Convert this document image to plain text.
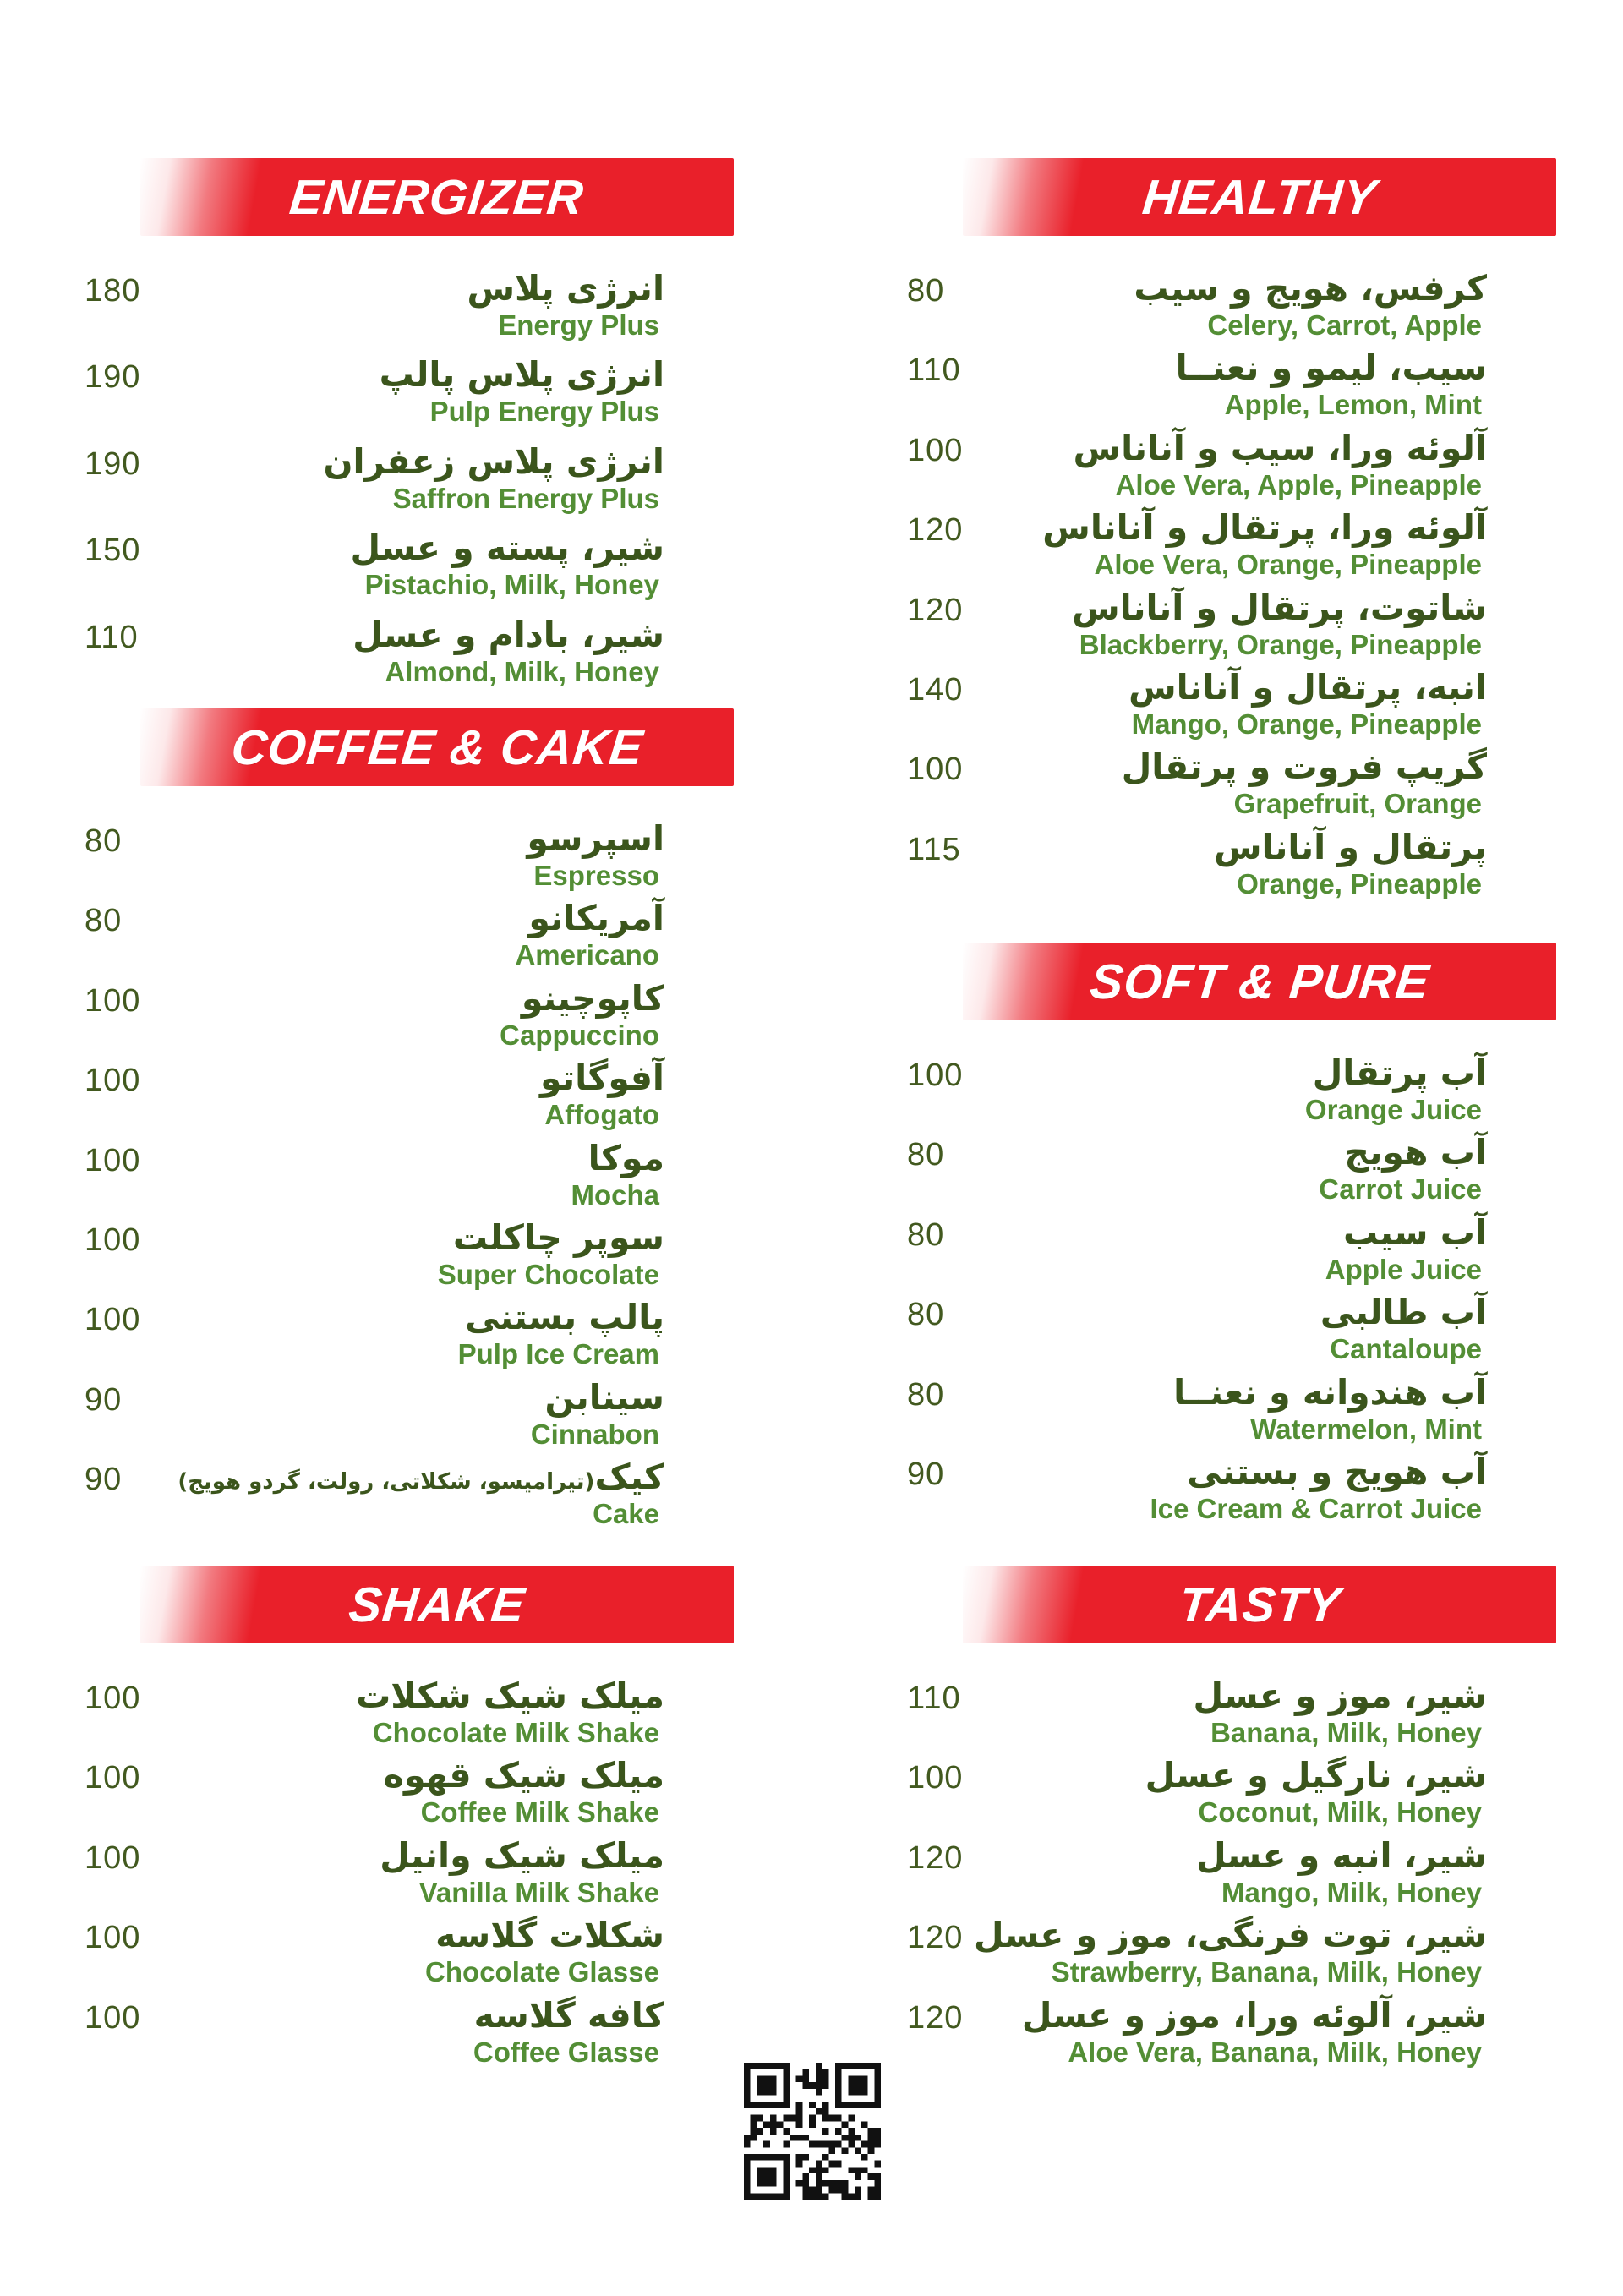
ENERGIZER
180	انرژی پلاس
Energy Plus
190	انرژی پلاس پالپ
Pulp Energy Plus
190	انرژی پلاس زعفران
Saffron Energy Plus
150	شیر، پسته و عسل
Pistachio, Milk, Honey
110	شیر، بادام و عسل
Almond, Milk, Honey
COFFEE & CAKE
80	اسپرسو
Espresso
80	آمریکانو
Americano
100	کاپوچینو
Cappuccino
100	آفوگاتو
Affogato
100	موکا
Mocha
100	سوپر چاکلت
Super Chocolate
100	پالپ بستنی
Pulp Ice Cream
90	سینابن
Cinnabon
90	کیک(تیرامیسو، شکلاتی، رولت، گردو هویج)
Cake
SHAKE
100	میلک شیک شکلات
Chocolate Milk Shake
100	میلک شیک قهوه
Coffee Milk Shake
100	میلک شیک وانیل
Vanilla Milk Shake
100	شکلات گلاسه
Chocolate Glasse
100	کافه گلاسه
Coffee Glasse
HEALTHY
80	کرفس، هویج و سیب
Celery, Carrot, Apple
110	سیب، لیمو و نعنــا
Apple, Lemon, Mint
100	آلوئه ورا، سیب و آناناس
Aloe Vera, Apple, Pineapple
120	آلوئه ورا، پرتقال و آناناس
Aloe Vera, Orange, Pineapple
120	شاتوت، پرتقال و آناناس
Blackberry, Orange, Pineapple
140	انبه، پرتقال و آناناس
Mango, Orange, Pineapple
100	گریپ فروت و پرتقال
Grapefruit, Orange
115	پرتقال و آناناس
Orange, Pineapple
SOFT & PURE
100	آب پرتقال
Orange Juice
80	آب هویج
Carrot Juice
80	آب سیب
Apple Juice
80	آب طالبی
Cantaloupe
80	آب هندوانه و نعنــا
Watermelon, Mint
90	آب هویج و بستنی
Ice Cream & Carrot Juice
TASTY
110	شیر، موز و عسل
Banana, Milk, Honey
100	شیر، نارگیل و عسل
Coconut, Milk, Honey
120	شیر، انبه و عسل
Mango, Milk, Honey
120 شیر، توت فرنگی، موز و عسل
Strawberry, Banana, Milk, Honey
120	شیر، آلوئه ورا، موز و عسل
Aloe Vera, Banana, Milk, Honey
